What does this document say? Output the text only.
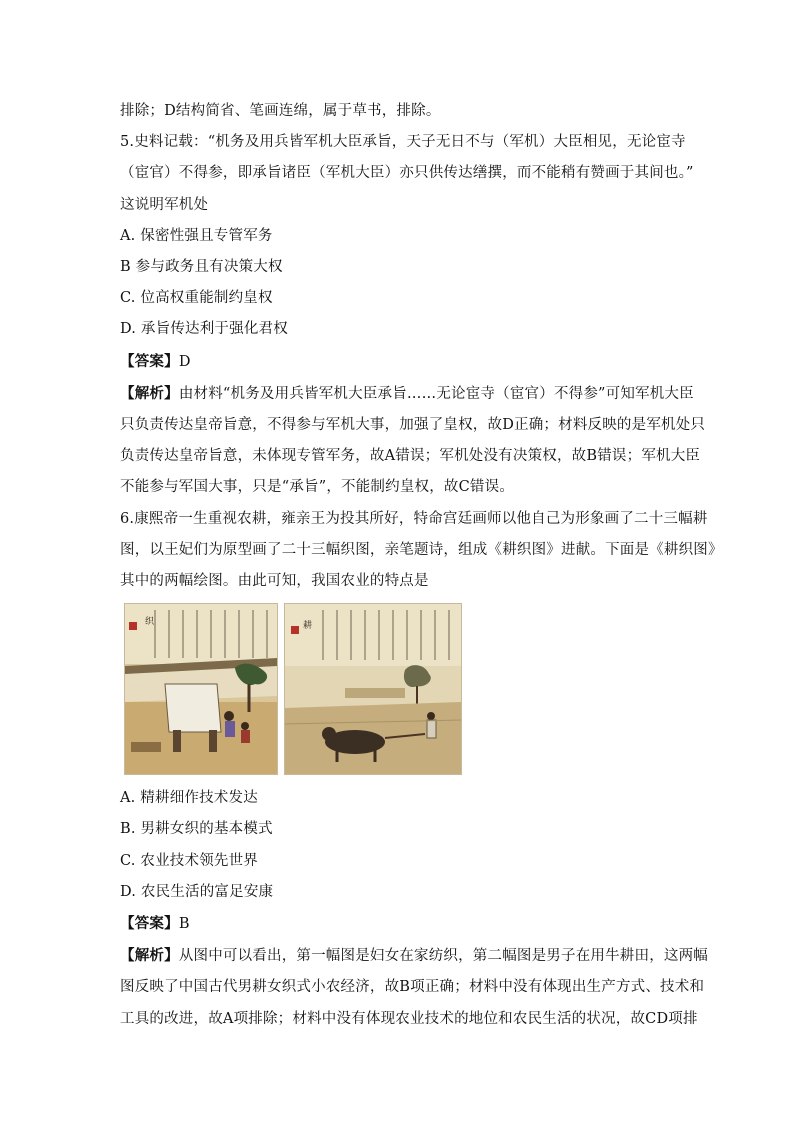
排除；D结构简省、笔画连绵，属于草书，排除。
5.史料记载：“机务及用兵皆军机大臣承旨，天子无日不与（军机）大臣相见，无论宦寺
（宦官）不得参，即承旨诸臣（军机大臣）亦只供传达缮撰，而不能稍有赞画于其间也。”
这说明军机处
A. 保密性强且专管军务
B 参与政务且有决策大权
C. 位高权重能制约皇权
D. 承旨传达利于强化君权
【答案】D
【解析】由材料“机务及用兵皆军机大臣承旨……无论宦寺（宦官）不得参”可知军机大臣
只负责传达皇帝旨意，不得参与军机大事，加强了皇权，故D正确；材料反映的是军机处只
负责传达皇帝旨意，未体现专管军务，故A错误；军机处没有决策权，故B错误；军机大臣
不能参与军国大事，只是“承旨”，不能制约皇权，故C错误。
6.康熙帝一生重视农耕，雍亲王为投其所好，特命宫廷画师以他自己为形象画了二十三幅耕
图，以王妃们为原型画了二十三幅织图，亲笔题诗，组成《耕织图》进献。下面是《耕织图》
其中的两幅绘图。由此可知，我国农业的特点是
织	耕
A. 精耕细作技术发达
B. 男耕女织的基本模式
C. 农业技术领先世界
D. 农民生活的富足安康
【答案】B
【解析】从图中可以看出，第一幅图是妇女在家纺织，第二幅图是男子在用牛耕田，这两幅
图反映了中国古代男耕女织式小农经济，故B项正确；材料中没有体现出生产方式、技术和
工具的改进，故A项排除；材料中没有体现农业技术的地位和农民生活的状况，故CD项排
